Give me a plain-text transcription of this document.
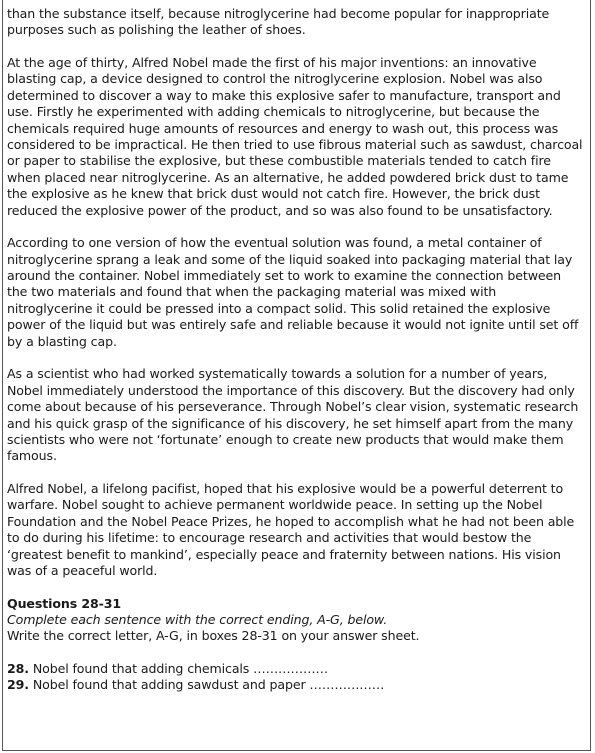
than the substance itself, because nitroglycerine had become popular for inappropriate purposes such as polishing the leather of shoes.

At the age of thirty, Alfred Nobel made the first of his major inventions: an innovative blasting cap, a device designed to control the nitroglycerine explosion. Nobel was also determined to discover a way to make this explosive safer to manufacture, transport and use. Firstly he experimented with adding chemicals to nitroglycerine, but because the chemicals required huge amounts of resources and energy to wash out, this process was considered to be impractical. He then tried to use fibrous material such as sawdust, charcoal or paper to stabilise the explosive, but these combustible materials tended to catch fire when placed near nitroglycerine. As an alternative, he added powdered brick dust to tame the explosive as he knew that brick dust would not catch fire. However, the brick dust reduced the explosive power of the product, and so was also found to be unsatisfactory.

According to one version of how the eventual solution was found, a metal container of nitroglycerine sprang a leak and some of the liquid soaked into packaging material that lay around the container. Nobel immediately set to work to examine the connection between the two materials and found that when the packaging material was mixed with nitroglycerine it could be pressed into a compact solid. This solid retained the explosive power of the liquid but was entirely safe and reliable because it would not ignite until set off by a blasting cap.

As a scientist who had worked systematically towards a solution for a number of years, Nobel immediately understood the importance of this discovery. But the discovery had only come about because of his perseverance. Through Nobel’s clear vision, systematic research and his quick grasp of the significance of his discovery, he set himself apart from the many scientists who were not ‘fortunate’ enough to create new products that would make them famous.

Alfred Nobel, a lifelong pacifist, hoped that his explosive would be a powerful deterrent to warfare. Nobel sought to achieve permanent worldwide peace. In setting up the Nobel Foundation and the Nobel Peace Prizes, he hoped to accomplish what he had not been able to do during his lifetime: to encourage research and activities that would bestow the ‘greatest benefit to mankind’, especially peace and fraternity between nations. His vision was of a peaceful world.

Questions 28-31

Complete each sentence with the correct ending, A-G, below.

Write the correct letter, A-G, in boxes 28-31 on your answer sheet.

28. Nobel found that adding chemicals ………………

29. Nobel found that adding sawdust and paper ………………
